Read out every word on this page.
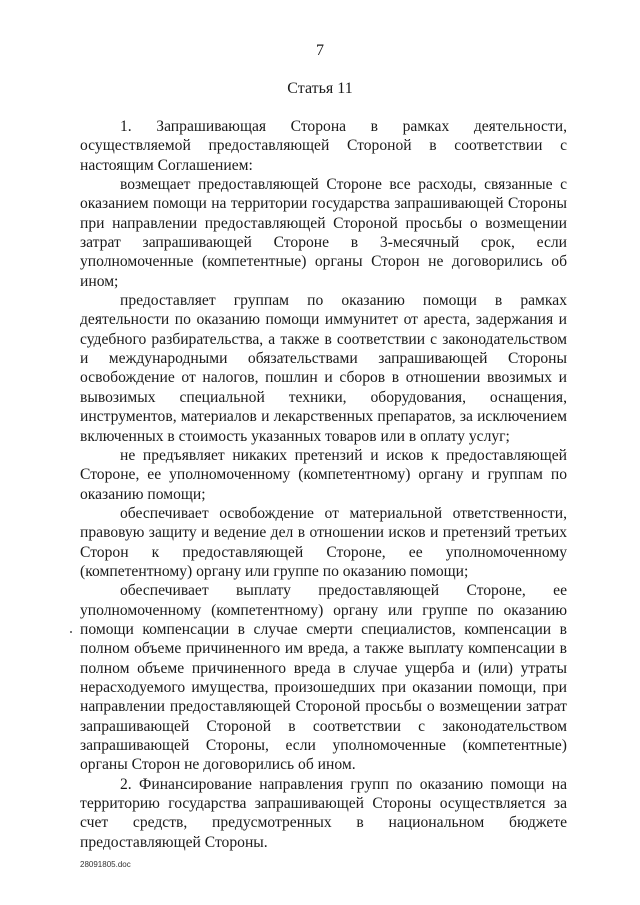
7
Статья 11

1. Запрашивающая Сторона в рамках деятельности, осуществляемой предоставляющей Стороной в соответствии с настоящим Соглашением:

возмещает предоставляющей Стороне все расходы, связанные с оказанием помощи на территории государства запрашивающей Стороны при направлении предоставляющей Стороной просьбы о возмещении затрат запрашивающей Стороне в 3-месячный срок, если уполномоченные (компетентные) органы Сторон не договорились об ином;

предоставляет группам по оказанию помощи в рамках деятельности по оказанию помощи иммунитет от ареста, задержания и судебного разбирательства, а также в соответствии с законодательством и международными обязательствами запрашивающей Стороны освобождение от налогов, пошлин и сборов в отношении ввозимых и вывозимых специальной техники, оборудования, оснащения, инструментов, материалов и лекарственных препаратов, за исключением включенных в стоимость указанных товаров или в оплату услуг;

не предъявляет никаких претензий и исков к предоставляющей Стороне, ее уполномоченному (компетентному) органу и группам по оказанию помощи;

обеспечивает освобождение от материальной ответственности, правовую защиту и ведение дел в отношении исков и претензий третьих Сторон к предоставляющей Стороне, ее уполномоченному (компетентному) органу или группе по оказанию помощи;

обеспечивает выплату предоставляющей Стороне, ее уполномоченному (компетентному) органу или группе по оказанию помощи компенсации в случае смерти специалистов, компенсации в полном объеме причиненного им вреда, а также выплату компенсации в полном объеме причиненного вреда в случае ущерба и (или) утраты нерасходуемого имущества, произошедших при оказании помощи, при направлении предоставляющей Стороной просьбы о возмещении затрат запрашивающей Стороной в соответствии с законодательством запрашивающей Стороны, если уполномоченные (компетентные) органы Сторон не договорились об ином.

2. Финансирование направления групп по оказанию помощи на территорию государства запрашивающей Стороны осуществляется за счет средств, предусмотренных в национальном бюджете предоставляющей Стороны.

28091805.doc
